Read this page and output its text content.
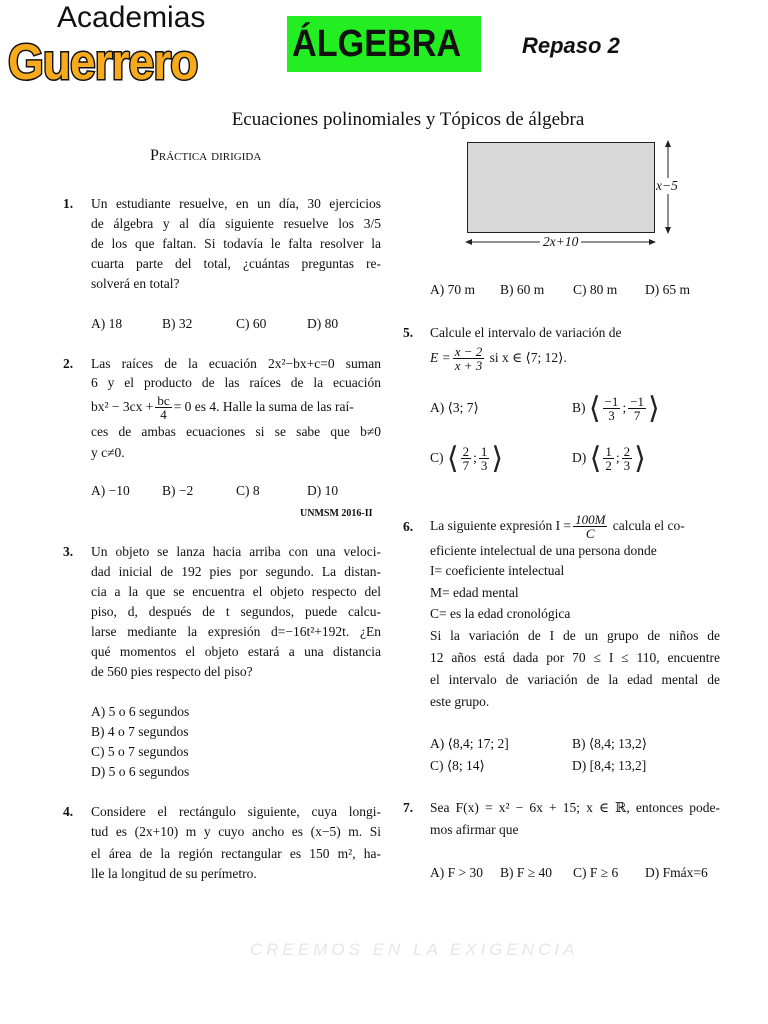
Academias
Guerrero ÁLGEBRA	Repaso 2
Ecuaciones polinomiales y Tópicos de álgebra
Práctica dirigida
CREEMOS EN LA EXIGENCIA
x−5
2x+10
1. Un estudiante resuelve, en un día, 30 ejercicios
de álgebra y al día siguiente resuelve los 3/5
de los que faltan. Si todavía le falta resolver la
cuarta parte del total, ¿cuántas preguntas re-
solverá en total?
A) 18	B) 32	C) 60	D) 80
2. Las raíces de la ecuación 2x²−bx+c=0 suman
6 y el producto de las raíces de la ecuación
$bx^2 - 3cx + \frac{bc}{4} = 0$ es 4. Halle la suma de las raí-
ces de ambas ecuaciones si se sabe que b≠0
y c≠0.
A) −10 B) −2	C) 8	D) 10
UNMSM 2016-II
3. Un objeto se lanza hacia arriba con una veloci-
dad inicial de 192 pies por segundo. La distan-
cia a la que se encuentra el objeto respecto del
piso, d, después de t segundos, puede calcu-
larse mediante la expresión d=−16t²+192t. ¿En
qué momentos el objeto estará a una distancia
de 560 pies respecto del piso?
A) 5 o 6 segundos
B) 4 o 7 segundos
C) 5 o 7 segundos
D) 5 o 6 segundos
4. Considere el rectángulo siguiente, cuya longi-
tud es (2x+10) m y cuyo ancho es (x−5) m. Si
el área de la región rectangular es 150 m², ha-
lle la longitud de su perímetro.
A) 70 m B) 60 m C) 80 m D) 65 m
5. Calcule el intervalo de variación de
$E = \frac{x - 2}{x + 3}$ si x ∈ ⟨7; 12⟩.
A) ⟨3; 7⟩	B) ⟨ $\frac{-1}{3}$ ; $\frac{-1}{7}$ ⟩
C) ⟨ $\frac{2}{7}$ ; $\frac{1}{3}$ ⟩	D) ⟨ $\frac{1}{2}$ ; $\frac{2}{3}$ ⟩
6. La siguiente expresión $I = \frac{100M}{C}$ calcula el co-
eficiente intelectual de una persona donde
I= coeficiente intelectual
M= edad mental
C= es la edad cronológica
Si la variación de I de un grupo de niños de
12 años está dada por 70 ≤ I ≤ 110, encuentre
el intervalo de variación de la edad mental de
este grupo.
A) ⟨8,4; 17; 2]	B) ⟨8,4; 13,2⟩
C) ⟨8; 14⟩	D) [8,4; 13,2]
7. Sea F(x) = x² − 6x + 15; x ∈ ℝ, entonces pode-
mos afirmar que
A) F > 30 B) F ≥ 40 C) F ≥ 6 D) Fmáx=6
